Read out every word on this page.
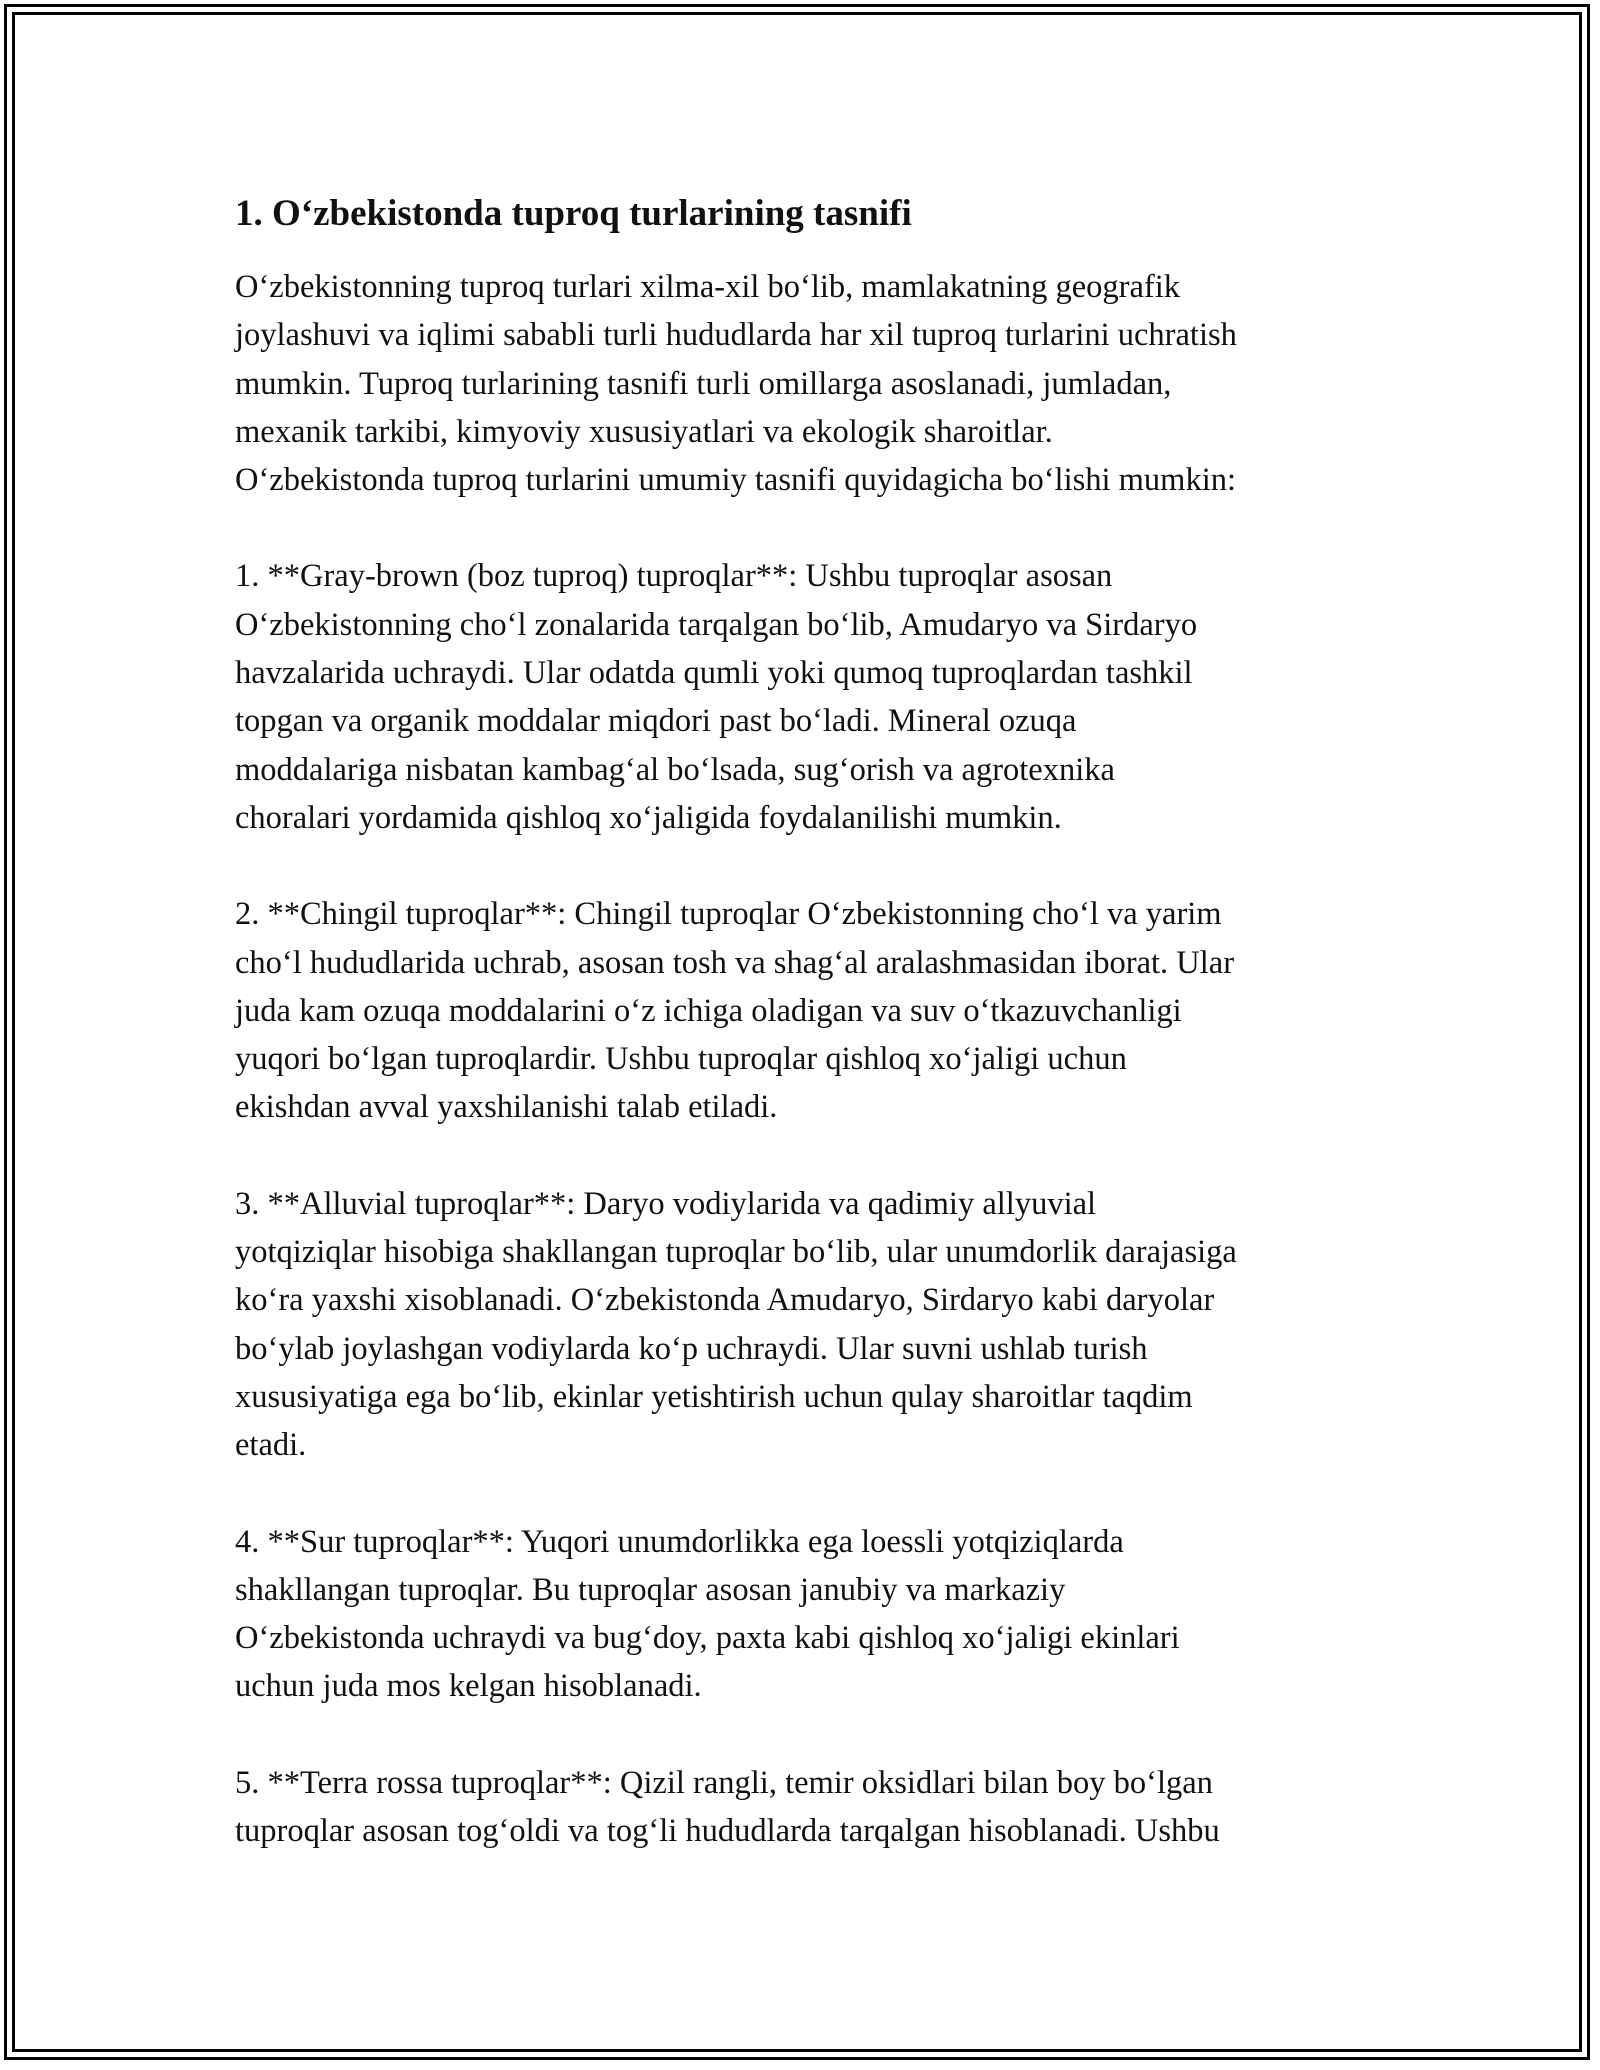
1. O‘zbekistonda tuproq turlarining tasnifi

O‘zbekistonning tuproq turlari xilma-xil bo‘lib, mamlakatning geografik
joylashuvi va iqlimi sababli turli hududlarda har xil tuproq turlarini uchratish
mumkin. Tuproq turlarining tasnifi turli omillarga asoslanadi, jumladan,
mexanik tarkibi, kimyoviy xususiyatlari va ekologik sharoitlar.
O‘zbekistonda tuproq turlarini umumiy tasnifi quyidagicha bo‘lishi mumkin:

1. **Gray-brown (boz tuproq) tuproqlar**: Ushbu tuproqlar asosan
O‘zbekistonning cho‘l zonalarida tarqalgan bo‘lib, Amudaryo va Sirdaryo
havzalarida uchraydi. Ular odatda qumli yoki qumoq tuproqlardan tashkil
topgan va organik moddalar miqdori past bo‘ladi. Mineral ozuqa
moddalariga nisbatan kambag‘al bo‘lsada, sug‘orish va agrotexnika
choralari yordamida qishloq xo‘jaligida foydalanilishi mumkin.

2. **Chingil tuproqlar**: Chingil tuproqlar O‘zbekistonning cho‘l va yarim
cho‘l hududlarida uchrab, asosan tosh va shag‘al aralashmasidan iborat. Ular
juda kam ozuqa moddalarini o‘z ichiga oladigan va suv o‘tkazuvchanligi
yuqori bo‘lgan tuproqlardir. Ushbu tuproqlar qishloq xo‘jaligi uchun
ekishdan avval yaxshilanishi talab etiladi.

3. **Alluvial tuproqlar**: Daryo vodiylarida va qadimiy allyuvial
yotqiziqlar hisobiga shakllangan tuproqlar bo‘lib, ular unumdorlik darajasiga
ko‘ra yaxshi xisoblanadi. O‘zbekistonda Amudaryo, Sirdaryo kabi daryolar
bo‘ylab joylashgan vodiylarda ko‘p uchraydi. Ular suvni ushlab turish
xususiyatiga ega bo‘lib, ekinlar yetishtirish uchun qulay sharoitlar taqdim
etadi.

4. **Sur tuproqlar**: Yuqori unumdorlikka ega loessli yotqiziqlarda
shakllangan tuproqlar. Bu tuproqlar asosan janubiy va markaziy
O‘zbekistonda uchraydi va bug‘doy, paxta kabi qishloq xo‘jaligi ekinlari
uchun juda mos kelgan hisoblanadi.

5. **Terra rossa tuproqlar**: Qizil rangli, temir oksidlari bilan boy bo‘lgan
tuproqlar asosan tog‘oldi va tog‘li hududlarda tarqalgan hisoblanadi. Ushbu
